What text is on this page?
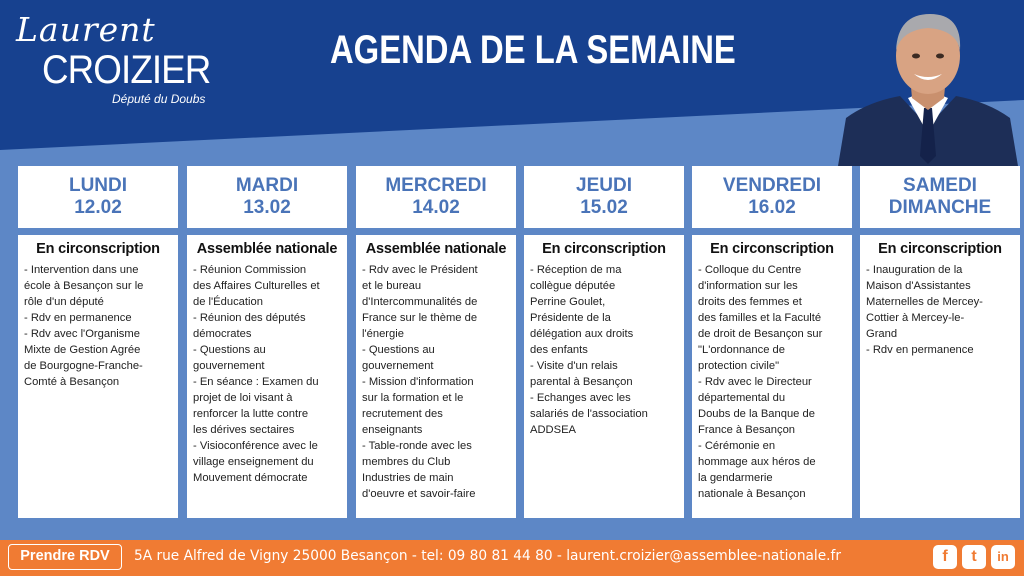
Laurent
CROIZIER
Député du Doubs
AGENDA DE LA SEMAINE
LUNDI
12.02
En circonscription
- Intervention dans une
école à Besançon sur le
rôle d'un député
- Rdv en permanence
- Rdv avec l'Organisme
Mixte de Gestion Agrée
de Bourgogne-Franche-
Comté à Besançon
MARDI
13.02
Assemblée nationale
- Réunion Commission
des Affaires Culturelles et
de l'Éducation
- Réunion des députés
démocrates
- Questions au
gouvernement
- En séance : Examen du
projet de loi visant à
renforcer la lutte contre
les dérives sectaires
- Visioconférence avec le
village enseignement du
Mouvement démocrate
MERCREDI
14.02
Assemblée nationale
- Rdv avec le Président
et le bureau
d'Intercommunalités de
France sur le thème de
l'énergie
- Questions au
gouvernement
- Mission d'information
sur la formation et le
recrutement des
enseignants
- Table-ronde avec les
membres du Club
Industries de main
d'oeuvre et savoir-faire
JEUDI
15.02
En circonscription
- Réception de ma
collègue députée
Perrine Goulet,
Présidente de la
délégation aux droits
des enfants
- Visite d'un relais
parental à Besançon
- Echanges avec les
salariés de l'association
ADDSEA
VENDREDI
16.02
En circonscription
- Colloque du Centre
d'information sur les
droits des femmes et
des familles et la Faculté
de droit de Besançon sur
"L'ordonnance de
protection civile"
- Rdv avec le Directeur
départemental du
Doubs de la Banque de
France à Besançon
- Cérémonie en
hommage aux héros de
la gendarmerie
nationale à Besançon
SAMEDI
DIMANCHE
En circonscription
- Inauguration de la
Maison d'Assistantes
Maternelles de Mercey-
Cottier à Mercey-le-
Grand
- Rdv en permanence
Prendre RDV	5A rue Alfred de Vigny 25000 Besançon - tel: 09 80 81 44 80 - laurent.croizier@assemblee-nationale.fr	f	t	in
